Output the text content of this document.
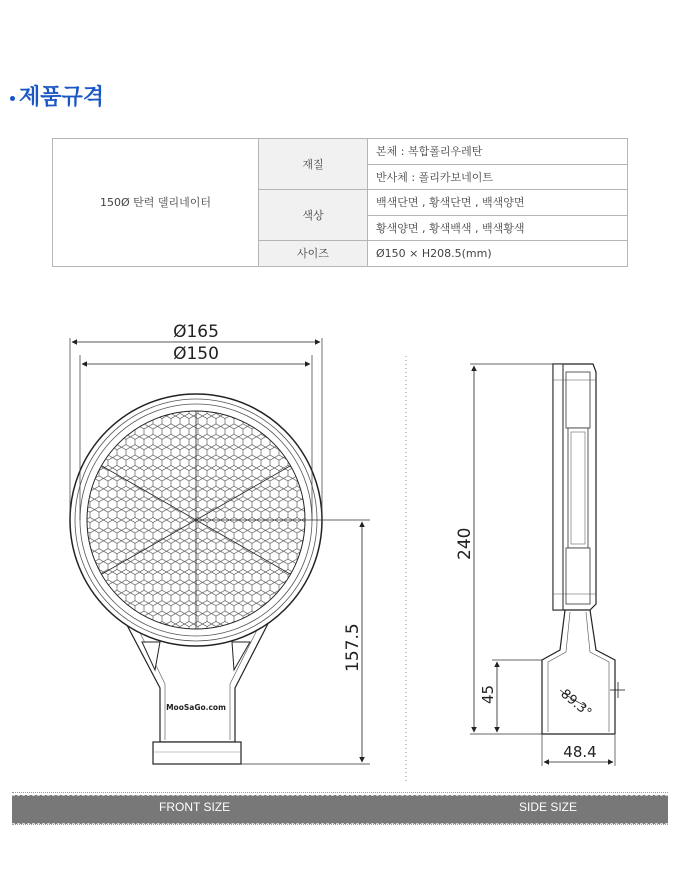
제품규격
150Ø 탄력 델리네이터	재질	본체 : 복합폴리우레탄
		반사체 : 폴리카보네이트
	색상	백색단면 , 황색단면 , 백색양면
		황색양면 , 황색백색 , 백색황색
	사이즈	Ø150 × H208.5(mm)
MooSaGo.com
Ø165
Ø150
157.5
240
45	89.3°
48.4
FRONT SIZE	SIDE SIZE
